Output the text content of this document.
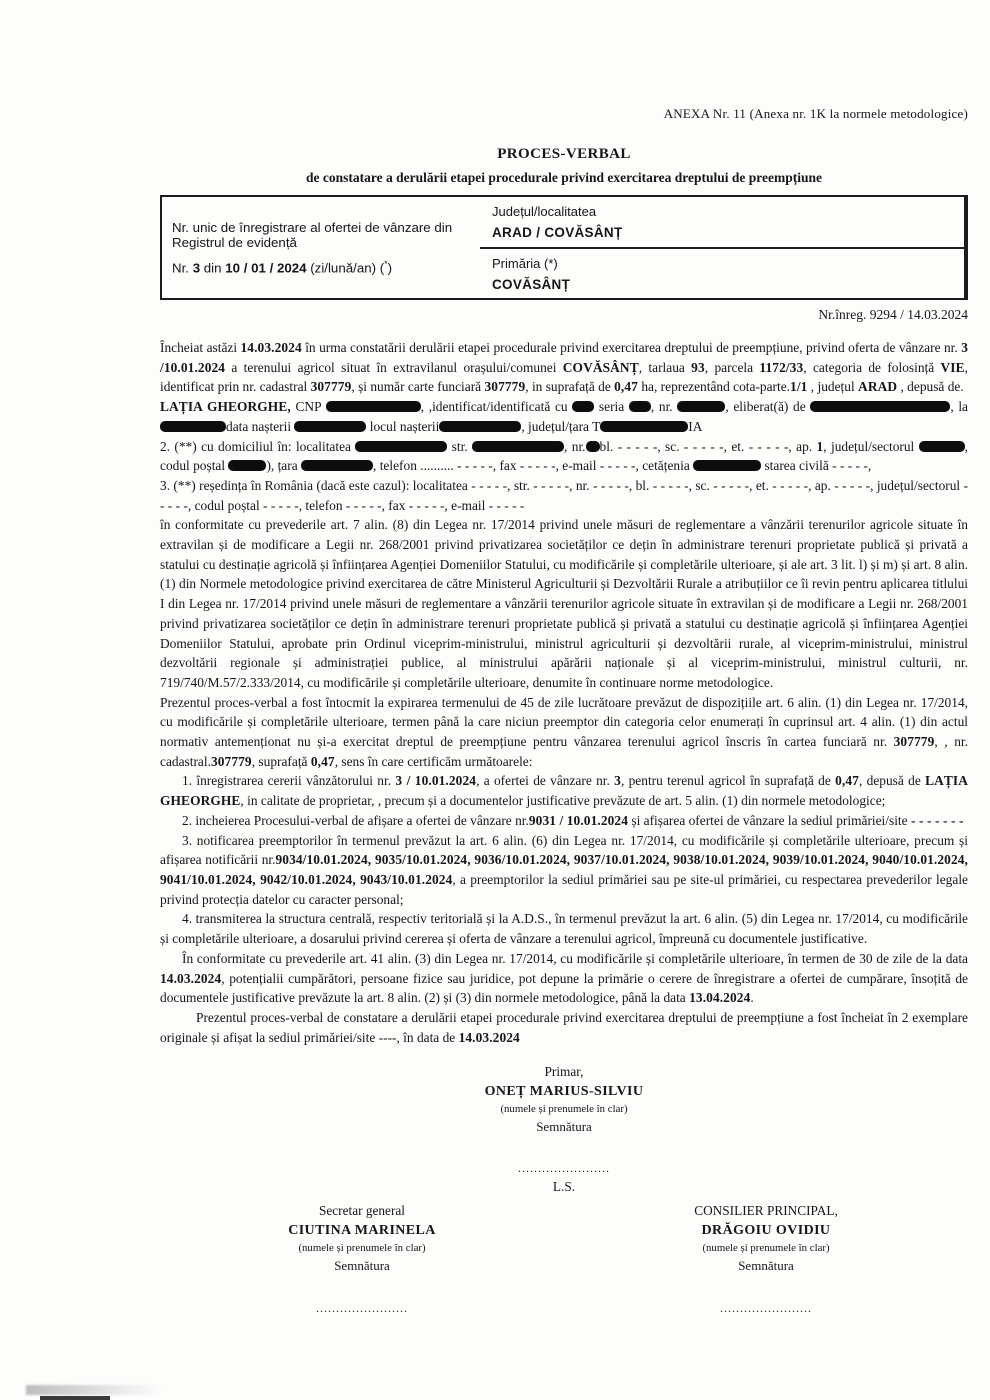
ANEXA Nr. 11 (Anexa nr. 1K la normele metodologice)
PROCES-VERBAL
de constatare a derulării etapei procedurale privind exercitarea dreptului de preempțiune
Județul/localitatea
ARAD / COVĂSÂNȚ
Nr. unic de înregistrare al ofertei de vânzare din Registrul de evidență
Nr. 3 din 10 / 01 / 2024 (zi/lună/an) (*)	Primăria (*)
COVĂSÂNȚ
Nr.înreg. 9294 / 14.03.2024

Încheiat astăzi 14.03.2024 în urma constatării derulării etapei procedurale privind exercitarea dreptului de preempțiune, privind oferta de vânzare nr. 3 /10.01.2024 a terenului agricol situat în extravilanul orașului/comunei COVĂSÂNȚ, tarlaua 93, parcela 1172/33, categoria de folosință VIE, identificat prin nr. cadastral 307779, și număr carte funciară 307779, in suprafață de 0,47 ha, reprezentând cota-parte.1/1 , județul ARAD , depusă de.

LAȚIA GHEORGHE, CNP	, ,identificat/identificată cu  seria , nr.	, eliberat(ă) de	, la data nașterii	locul nașterii	, județul/țara T	IA

2. (**) cu domiciliul în: localitatea	str.	, nr. bl. - - - - -, sc. - - - - -, et. - - - - -, ap. 1, județul/sectorul	, codul poștal	), țara	, telefon .......... - - - - -, fax - - - - -, e-mail - - - - -, cetățenia	starea civilă - - - - -,

3. (**) reședința în România (dacă este cazul): localitatea - - - - -, str. - - - - -, nr. - - - - -, bl. - - - - -, sc. - - - - -, et. - - - - -, ap. - - - - -, județul/sectorul - - - - -, codul poștal - - - - -, telefon - - - - -, fax - - - - -, e-mail - - - - -

în conformitate cu prevederile art. 7 alin. (8) din Legea nr. 17/2014 privind unele măsuri de reglementare a vânzării terenurilor agricole situate în extravilan și de modificare a Legii nr. 268/2001 privind privatizarea societăților ce dețin în administrare terenuri proprietate publică și privată a statului cu destinație agricolă și înființarea Agenției Domeniilor Statului, cu modificările și completările ulterioare, și ale art. 3 lit. l) și m) și art. 8 alin. (1) din Normele metodologice privind exercitarea de către Ministerul Agriculturii și Dezvoltării Rurale a atribuțiilor ce îi revin pentru aplicarea titlului I din Legea nr. 17/2014 privind unele măsuri de reglementare a vânzării terenurilor agricole situate în extravilan și de modificare a Legii nr. 268/2001 privind privatizarea societăților ce dețin în administrare terenuri proprietate publică și privată a statului cu destinație agricolă și înființarea Agenției Domeniilor Statului, aprobate prin Ordinul viceprim-ministrului, ministrul agriculturii și dezvoltării rurale, al viceprim-ministrului, ministrul dezvoltării regionale și administrației publice, al ministrului apărării naționale și al viceprim-ministrului, ministrul culturii, nr. 719/740/M.57/2.333/2014, cu modificările și completările ulterioare, denumite în continuare norme metodologice.

Prezentul proces-verbal a fost întocmit la expirarea termenului de 45 de zile lucrătoare prevăzut de dispozițiile art. 6 alin. (1) din Legea nr. 17/2014, cu modificările și completările ulterioare, termen până la care niciun preemptor din categoria celor enumerați în cuprinsul art. 4 alin. (1) din actul normativ antemenționat nu și-a exercitat dreptul de preempțiune pentru vânzarea terenului agricol înscris în cartea funciară nr. 307779, , nr. cadastral.307779, suprafață 0,47, sens în care certificăm următoarele:

1. înregistrarea cererii vânzătorului nr. 3 / 10.01.2024, a ofertei de vânzare nr. 3, pentru terenul agricol în suprafață de 0,47, depusă de LAȚIA GHEORGHE, in calitate de proprietar, , precum și a documentelor justificative prevăzute de art. 5 alin. (1) din normele metodologice;

2. incheierea Procesului-verbal de afișare a ofertei de vânzare nr.9031 / 10.01.2024 și afișarea ofertei de vânzare la sediul primăriei/site - - - - - - -

3. notificarea preemptorilor în termenul prevăzut la art. 6 alin. (6) din Legea nr. 17/2014, cu modificările și completările ulterioare, precum și afișarea notificării nr.9034/10.01.2024, 9035/10.01.2024, 9036/10.01.2024, 9037/10.01.2024, 9038/10.01.2024, 9039/10.01.2024, 9040/10.01.2024, 9041/10.01.2024, 9042/10.01.2024, 9043/10.01.2024, a preemptorilor la sediul primăriei sau pe site-ul primăriei, cu respectarea prevederilor legale privind protecția datelor cu caracter personal;

4. transmiterea la structura centrală, respectiv teritorială și la A.D.S., în termenul prevăzut la art. 6 alin. (5) din Legea nr. 17/2014, cu modificările și completările ulterioare, a dosarului privind cererea și oferta de vânzare a terenului agricol, împreună cu documentele justificative.

În conformitate cu prevederile art. 41 alin. (3) din Legea nr. 17/2014, cu modificările și completările ulterioare, în termen de 30 de zile de la data 14.03.2024, potențialii cumpărători, persoane fizice sau juridice, pot depune la primărie o cerere de înregistrare a ofertei de cumpărare, însoțită de documentele justificative prevăzute la art. 8 alin. (2) și (3) din normele metodologice, până la data 13.04.2024.

Prezentul proces-verbal de constatare a derulării etapei procedurale privind exercitarea dreptului de preempțiune a fost încheiat în 2 exemplare originale și afișat la sediul primăriei/site ----, în data de 14.03.2024

Primar,
ONEȚ MARIUS-SILVIU
(numele și prenumele în clar)
Semnătura
.......................
L.S.
Secretar general
CIUTINA MARINELA
(numele și prenumele în clar)
Semnătura
.......................
CONSILIER PRINCIPAL,
DRĂGOIU OVIDIU
(numele și prenumele în clar)
Semnătura
.......................
